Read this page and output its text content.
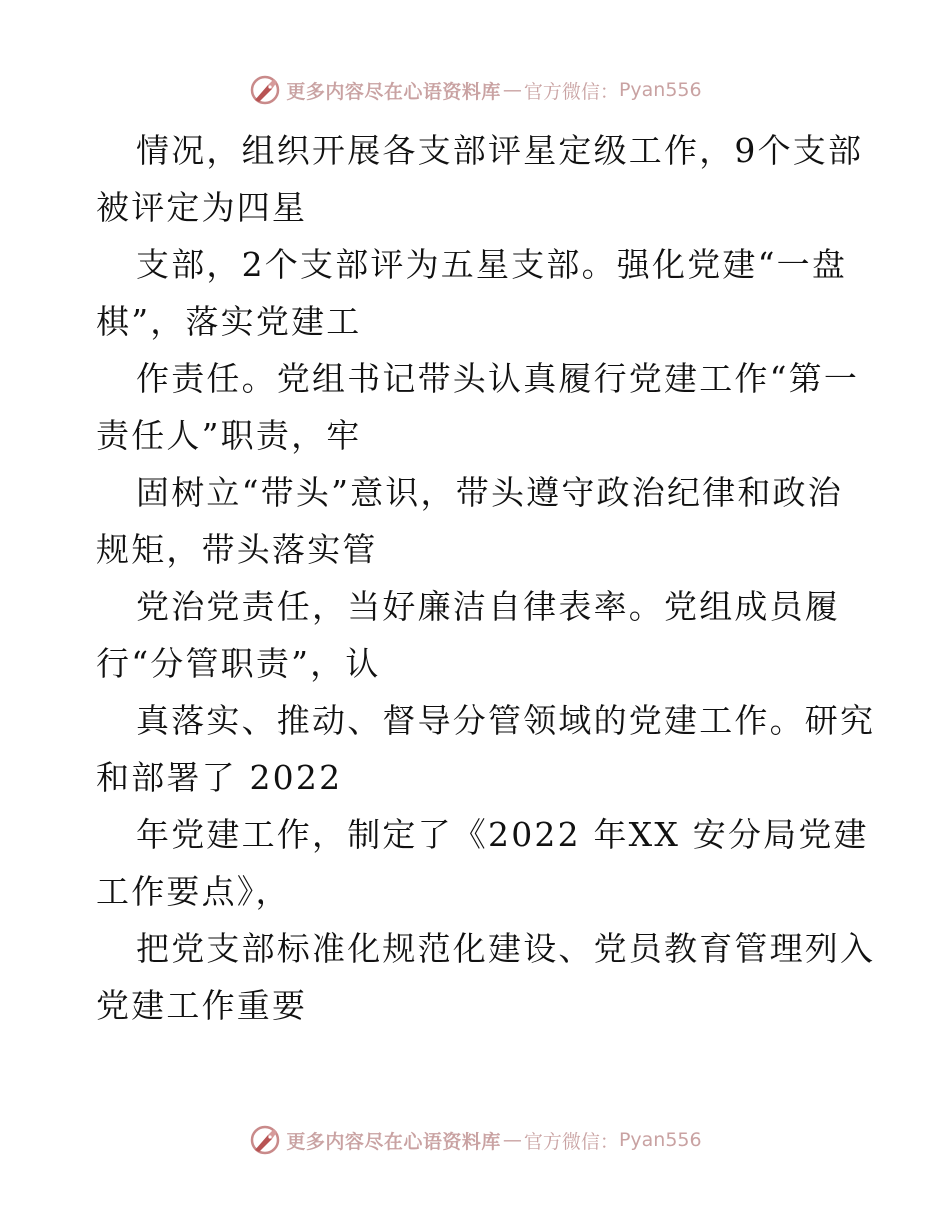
更多内容尽在心语资料库 — 官方微信： Pyan556
情况，组织开展各支部评星定级工作，9个支部
被评定为四星
支部，2个支部评为五星支部。强化党建“一盘
棋”，落实党建工
作责任。党组书记带头认真履行党建工作“第一
责任人”职责，牢
固树立“带头”意识，带头遵守政治纪律和政治
规矩，带头落实管
党治党责任，当好廉洁自律表率。党组成员履
行“分管职责”，认
真落实、推动、督导分管领域的党建工作。研究
和部署了 2022
年党建工作，制定了《2022 年XX 安分局党建
工作要点》，
把党支部标准化规范化建设、党员教育管理列入
党建工作重要
更多内容尽在心语资料库 — 官方微信： Pyan556
